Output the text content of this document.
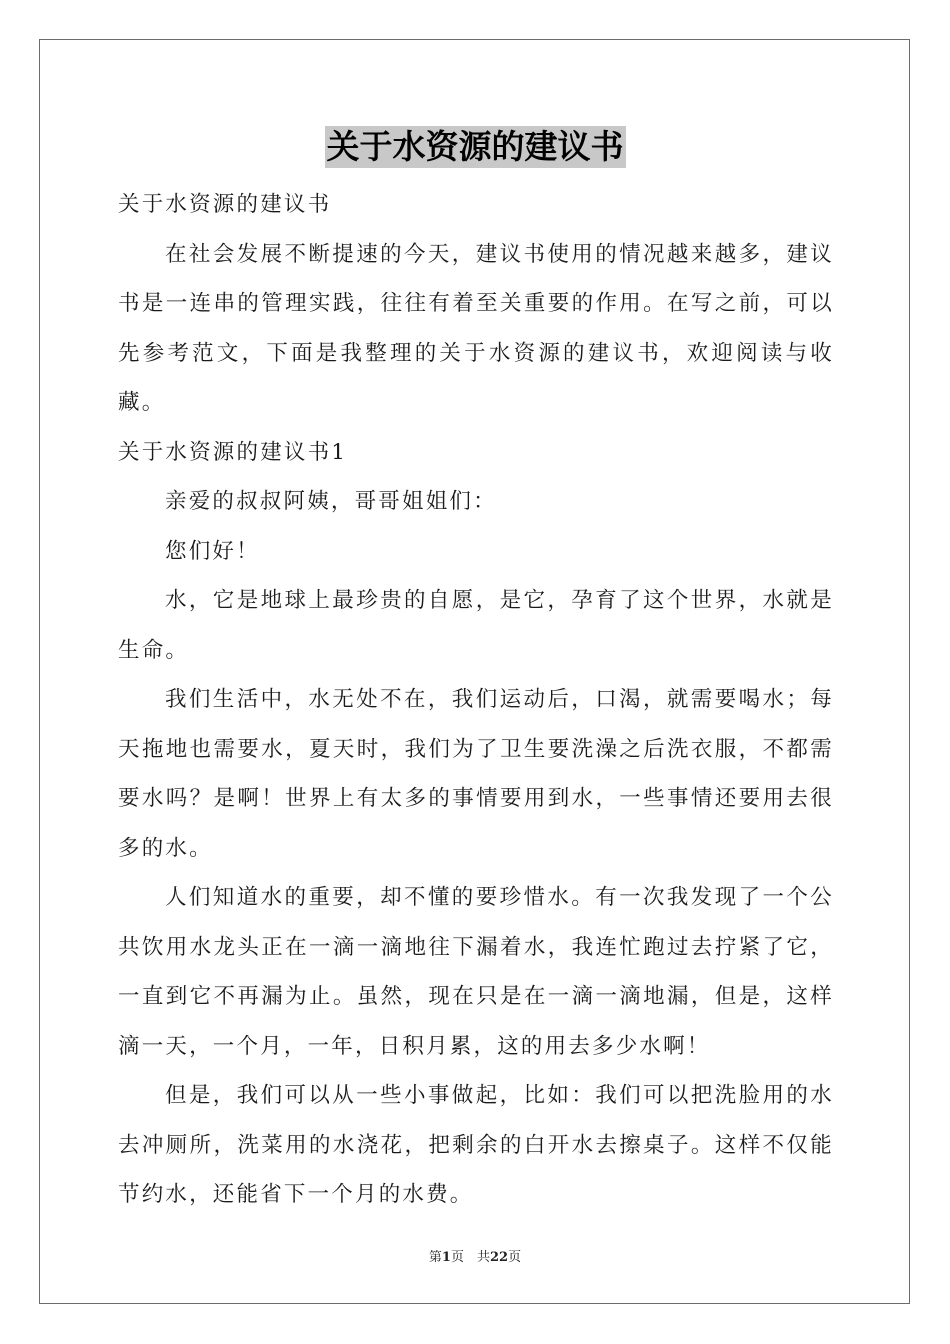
关于水资源的建议书

关于水资源的建议书

在社会发展不断提速的今天，建议书使用的情况越来越多，建议书是一连串的管理实践，往往有着至关重要的作用。在写之前，可以先参考范文，下面是我整理的关于水资源的建议书，欢迎阅读与收藏。

关于水资源的建议书1

亲爱的叔叔阿姨，哥哥姐姐们：

您们好！

水，它是地球上最珍贵的自愿，是它，孕育了这个世界，水就是生命。

我们生活中，水无处不在，我们运动后，口渴，就需要喝水；每天拖地也需要水，夏天时，我们为了卫生要洗澡之后洗衣服，不都需要水吗？是啊！世界上有太多的事情要用到水，一些事情还要用去很多的水。

人们知道水的重要，却不懂的要珍惜水。有一次我发现了一个公共饮用水龙头正在一滴一滴地往下漏着水，我连忙跑过去拧紧了它，一直到它不再漏为止。虽然，现在只是在一滴一滴地漏，但是，这样滴一天，一个月，一年，日积月累，这的用去多少水啊！

但是，我们可以从一些小事做起，比如：我们可以把洗脸用的水去冲厕所，洗菜用的水浇花，把剩余的白开水去擦桌子。这样不仅能节约水，还能省下一个月的水费。

第1页　共22页
